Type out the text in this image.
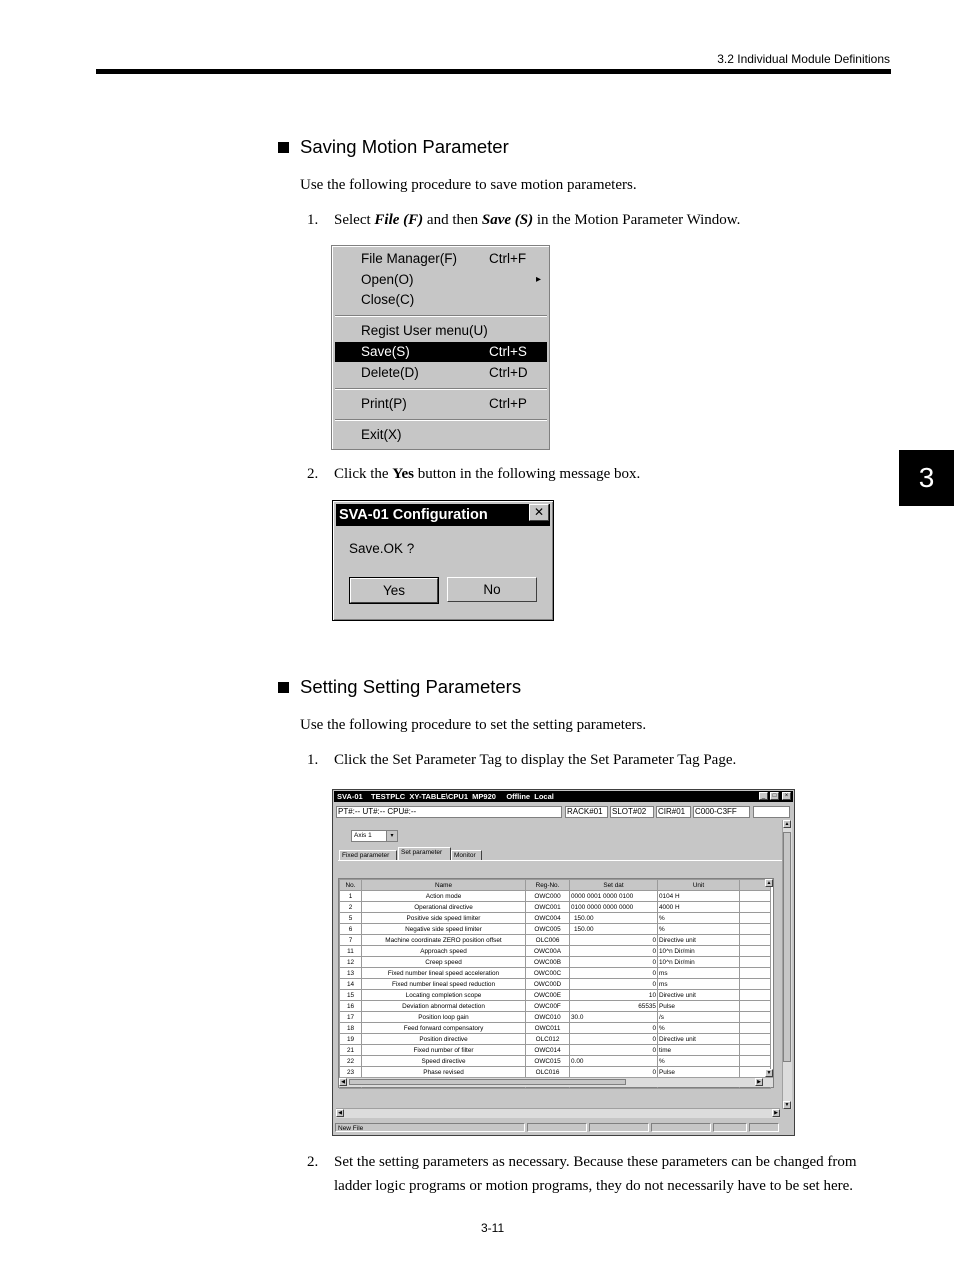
3.2 Individual Module Definitions
3
Saving Motion Parameter
Use the following procedure to save motion parameters.
1. Select File (F) and then Save (S) in the Motion Parameter Window.
File Manager(F) Ctrl+F
Open(O)	▸
Close(C)
Regist User menu(U)
Save(S)	Ctrl+S
Delete(D)	Ctrl+D
Print(P)	Ctrl+P
Exit(X)
2. Click the Yes button in the following message box.
SVA-01 Configuration	✕
Save.OK ?
Yes	No
Setting Setting Parameters
Use the following procedure to set the setting parameters.
1. Click the Set Parameter Tag to display the Set Parameter Tag Page.
SVA-01    TESTPLC  XY-TABLE\CPU1  MP920     Offline  Local	_	□	×
PT#:-- UT#:-- CPU#:--	RACK#01	SLOT#02	CIR#01	C000-C3FF
Axis 1	▾
Fixed parameter	Set parameter	Monitor
No.	Name	Reg-No.	Set dat	Unit	
1	Action mode	OWC000	0000 0001 0000 0100	0104 H	
2	Operational directive	OWC001	0100 0000 0000 0000	4000 H	
5	Positive side speed limiter	OWC004	150.00	%	
6	Negative side speed limiter	OWC005	150.00	%	
7	Machine coordinate ZERO position offset	OLC006	0	Directive unit	
11	Approach speed	OWC00A	0	10^n Dir/min	
12	Creep speed	OWC00B	0	10^n Dir/min	
13	Fixed number lineal speed acceleration	OWC00C	0	ms	
14	Fixed number lineal speed reduction	OWC00D	0	ms	
15	Locating completion scope	OWC00E	10	Directive unit	
16	Deviation abnormal detection	OWC00F	65535	Pulse	
17	Position loop gain	OWC010	30.0	/s	
18	Feed forward compensatory	OWC011	0	%	
19	Position directive	OLC012	0	Directive unit	
21	Fixed number of filter	OWC014	0	time	
22	Speed directive	OWC015	0.00	%	
23	Phase revised	OLC016	0	Pulse	

▲
▼
◀	▶
▲
▼
◀	▶
New File
2. Set the setting parameters as necessary. Because these parameters can be changed from ladder logic programs or motion programs, they do not necessarily have to be set here.
3-11
